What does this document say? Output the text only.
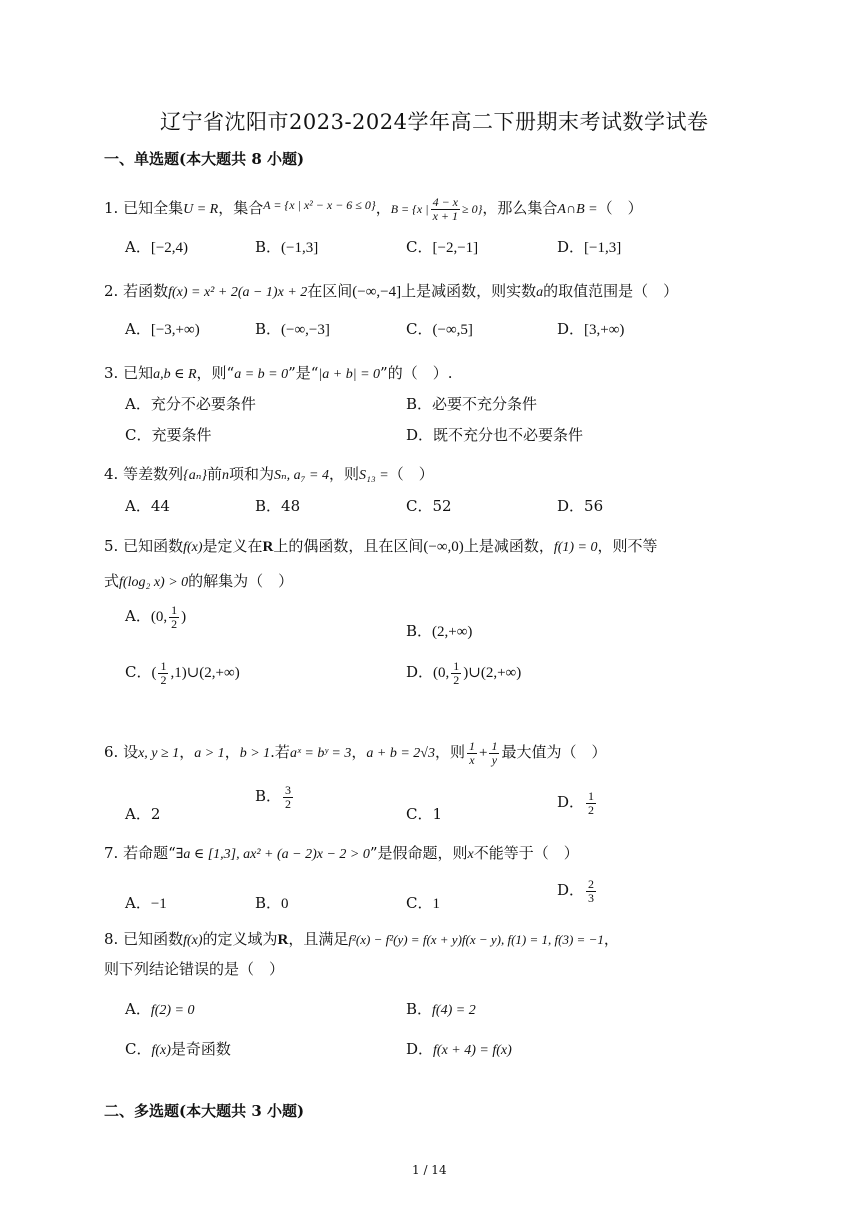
辽宁省沈阳市2023-2024学年高二下册期末考试数学试卷
一、单选题(本大题共 8 小题)
1. 已知全集U = R，集合$^{A = \{x | x^2 - x - 6 \le 0\}}$，B = {x | $\frac{4 - x}{x + 1} \ge 0$}，那么集合A∩B =（　）
A．[−2,4)	B．(−1,3]	C．[−2,−1]	D．[−1,3]
2. 若函数f(x) = x² + 2(a − 1)x + 2在区间(−∞,−4]上是减函数，则实数a的取值范围是（　）
A．[−3,+∞)	B．(−∞,−3]	C．(−∞,5]	D．[3,+∞)
3. 已知a,b ∈ R，则“a = b = 0”是“|a + b| = 0”的（　）.
A．充分不必要条件	B．必要不充分条件
C．充要条件	D．既不充分也不必要条件
4. 等差数列{aₙ}前n项和为Sₙ, a₇ = 4，则S₁₃ =（　）
A．44	B．48	C．52	D．56
5. 已知函数f(x)是定义在R上的偶函数，且在区间(−∞,0)上是减函数，f(1) = 0，则不等
式f(log₂ x) > 0的解集为（　）
A．(0, $\frac{1}{2}$ )
B．(2,+∞)
C．( $\frac{1}{2}$ ,1)∪(2,+∞)	D．(0, $\frac{1}{2}$ )∪(2,+∞)
6. 设x, y ≥ 1，a > 1，b > 1.若aˣ = bʸ = 3，a + b = 2√3，则 $\frac{1}{x} + \frac{1}{y}$ 最大值为（　）
A．2
B． $\frac{3}{2}$
C．1
D． $\frac{1}{2}$
7. 若命题“∃a ∈ [1,3], ax² + (a − 2)x − 2 > 0”是假命题，则x不能等于（　）
A．−1	B．0	C．1
D． $\frac{2}{3}$
8. 已知函数f(x)的定义域为R，且满足f²(x) − f²(y) = f(x + y)f(x − y), f(1) = 1, f(3) = −1，
则下列结论错误的是（　）
A．f(2) = 0	B．f(4) = 2
C．f(x)是奇函数	D．f(x + 4) = f(x)
二、多选题(本大题共 3 小题)
1 / 14
